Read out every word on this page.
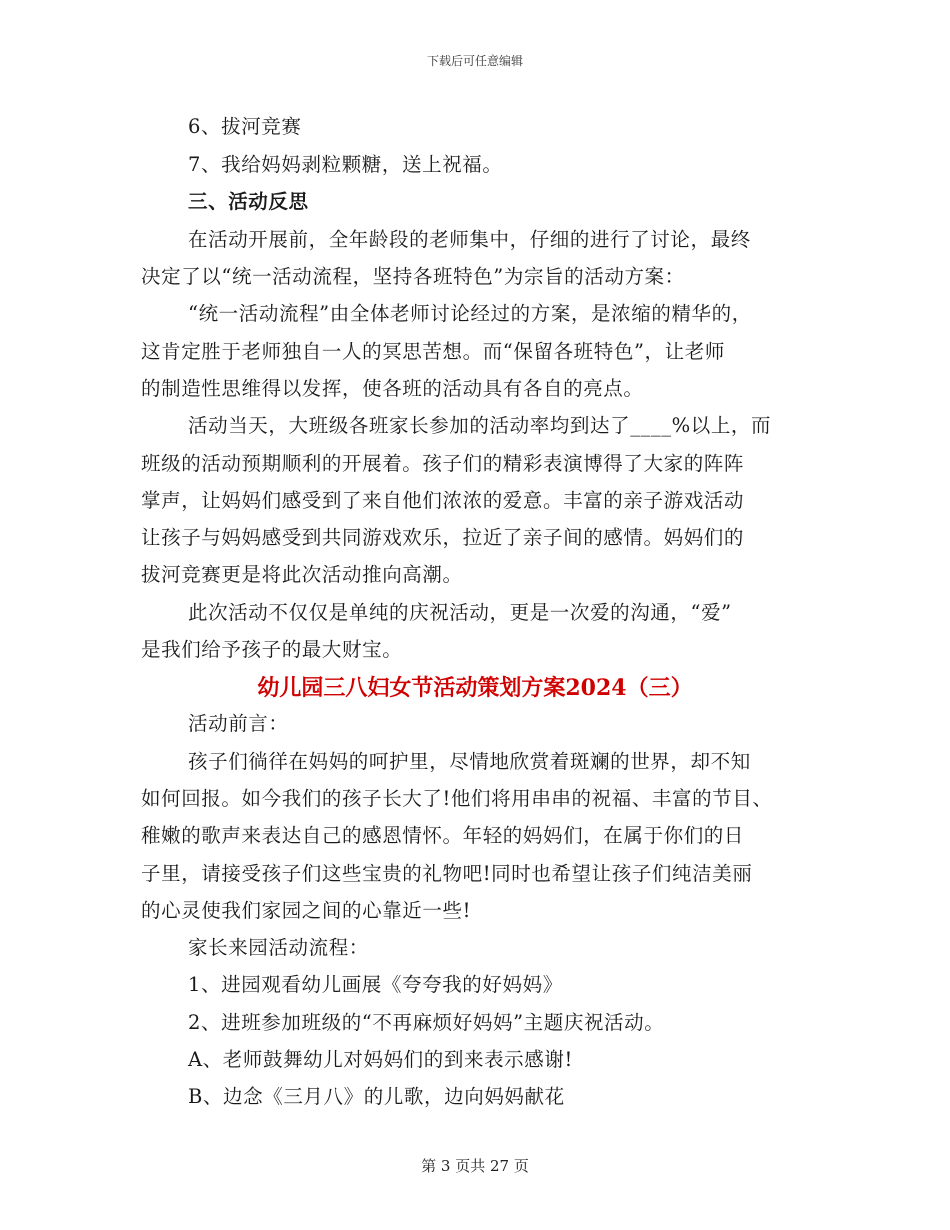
下载后可任意编辑
6、拔河竞赛
7、我给妈妈剥粒颗糖，送上祝福。
三、活动反思
在活动开展前，全年龄段的老师集中，仔细的进行了讨论，最终
决定了以“统一活动流程，坚持各班特色”为宗旨的活动方案：
“统一活动流程”由全体老师讨论经过的方案，是浓缩的精华的，
这肯定胜于老师独自一人的冥思苦想。而“保留各班特色”，让老师
的制造性思维得以发挥，使各班的活动具有各自的亮点。
活动当天，大班级各班家长参加的活动率均到达了____%以上，而
班级的活动预期顺利的开展着。孩子们的精彩表演博得了大家的阵阵
掌声，让妈妈们感受到了来自他们浓浓的爱意。丰富的亲子游戏活动
让孩子与妈妈感受到共同游戏欢乐，拉近了亲子间的感情。妈妈们的
拔河竞赛更是将此次活动推向高潮。
此次活动不仅仅是单纯的庆祝活动，更是一次爱的沟通，“爱”
是我们给予孩子的最大财宝。
幼儿园三八妇女节活动策划方案2024（三）
活动前言：
孩子们徜徉在妈妈的呵护里，尽情地欣赏着斑斓的世界，却不知
如何回报。如今我们的孩子长大了!他们将用串串的祝福、丰富的节目、
稚嫩的歌声来表达自己的感恩情怀。年轻的妈妈们，在属于你们的日
子里，请接受孩子们这些宝贵的礼物吧!同时也希望让孩子们纯洁美丽
的心灵使我们家园之间的心靠近一些!
家长来园活动流程：
1、进园观看幼儿画展《夸夸我的好妈妈》
2、进班参加班级的“不再麻烦好妈妈”主题庆祝活动。
A、老师鼓舞幼儿对妈妈们的到来表示感谢!
B、边念《三月八》的儿歌，边向妈妈献花
第 3 页共 27 页
